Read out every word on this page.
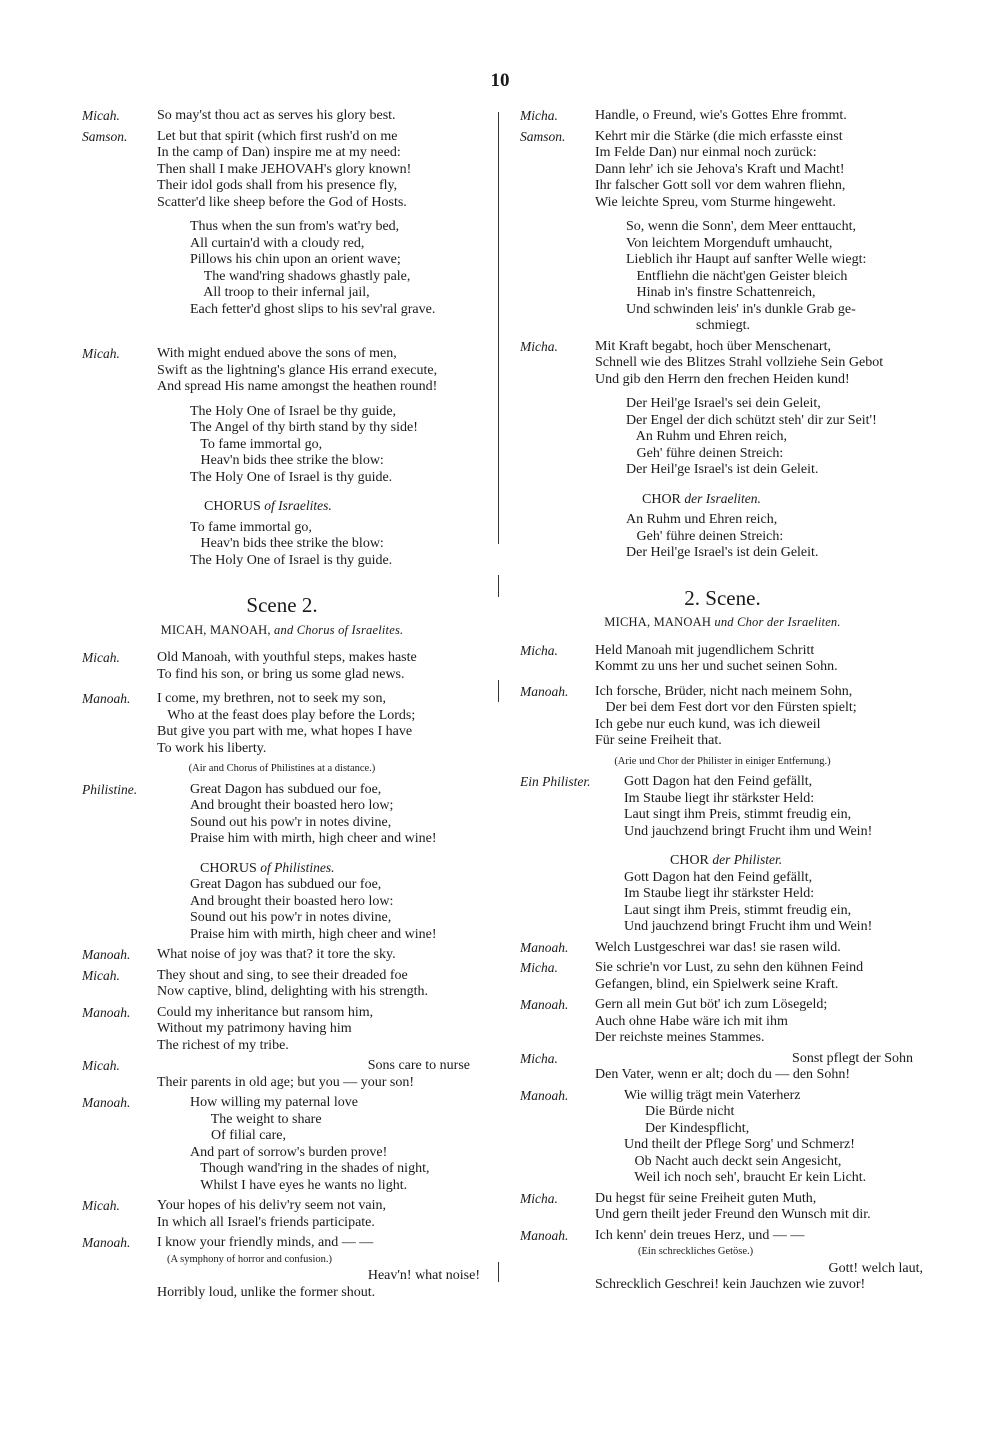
10
Micah.	So may'st thou act as serves his glory best.
Samson. Let but that spirit (which first rush'd on me
In the camp of Dan) inspire me at my need:
Then shall I make JEHOVAH's glory known!
Their idol gods shall from his presence fly,
Scatter'd like sheep before the God of Hosts.
Thus when the sun from's wat'ry bed,
All curtain'd with a cloudy red,
Pillows his chin upon an orient wave;
The wand'ring shadows ghastly pale,
All troop to their infernal jail,
Each fetter'd ghost slips to his sev'ral grave.
Micah.	With might endued above the sons of men,
Swift as the lightning's glance His errand execute,
And spread His name amongst the heathen round!
The Holy One of Israel be thy guide,
The Angel of thy birth stand by thy side!
To fame immortal go,
Heav'n bids thee strike the blow:
The Holy One of Israel is thy guide.
CHORUS of Israelites.
To fame immortal go,
Heav'n bids thee strike the blow:
The Holy One of Israel is thy guide.
Scene 2.
MICAH, MANOAH, and Chorus of Israelites.
Micah.	Old Manoah, with youthful steps, makes haste
To find his son, or bring us some glad news.
Manoah. I come, my brethren, not to seek my son,
Who at the feast does play before the Lords;
But give you part with me, what hopes I have
To work his liberty.
(Air and Chorus of Philistines at a distance.)
Philistine.	Great Dagon has subdued our foe,
And brought their boasted hero low;
Sound out his pow'r in notes divine,
Praise him with mirth, high cheer and wine!
CHORUS of Philistines.
Great Dagon has subdued our foe,
And brought their boasted hero low:
Sound out his pow'r in notes divine,
Praise him with mirth, high cheer and wine!
Manoah. What noise of joy was that? it tore the sky.
Micah.	They shout and sing, to see their dreaded foe
Now captive, blind, delighting with his strength.
Manoah. Could my inheritance but ransom him,
Without my patrimony having him
The richest of my tribe.
Micah.	Sons care to nurse
Their parents in old age; but you — your son!
Manoah.	How willing my paternal love
The weight to share
Of filial care,
And part of sorrow's burden prove!
Though wand'ring in the shades of night,
Whilst I have eyes he wants no light.
Micah.	Your hopes of his deliv'ry seem not vain,
In which all Israel's friends participate.
Manoah. I know your friendly minds, and — —
(A symphony of horror and confusion.)
Heav'n! what noise!
Horribly loud, unlike the former shout.
Micha.	Handle, o Freund, wie's Gottes Ehre frommt.
Samson. Kehrt mir die Stärke (die mich erfasste einst
Im Felde Dan) nur einmal noch zurück:
Dann lehr' ich sie Jehova's Kraft und Macht!
Ihr falscher Gott soll vor dem wahren fliehn,
Wie leichte Spreu, vom Sturme hingeweht.
So, wenn die Sonn', dem Meer enttaucht,
Von leichtem Morgenduft umhaucht,
Lieblich ihr Haupt auf sanfter Welle wiegt:
Entfliehn die nächt'gen Geister bleich
Hinab in's finstre Schattenreich,
Und schwinden leis' in's dunkle Grab ge-
schmiegt.
Micha.	Mit Kraft begabt, hoch über Menschenart,
Schnell wie des Blitzes Strahl vollziehe Sein Gebot
Und gib den Herrn den frechen Heiden kund!
Der Heil'ge Israel's sei dein Geleit,
Der Engel der dich schützt steh' dir zur Seit'!
An Ruhm und Ehren reich,
Geh' führe deinen Streich:
Der Heil'ge Israel's ist dein Geleit.
CHOR der Israeliten.
An Ruhm und Ehren reich,
Geh' führe deinen Streich:
Der Heil'ge Israel's ist dein Geleit.
2. Scene.
MICHA, MANOAH und Chor der Israeliten.
Micha.	Held Manoah mit jugendlichem Schritt
Kommt zu uns her und suchet seinen Sohn.
Manoah. Ich forsche, Brüder, nicht nach meinem Sohn,
Der bei dem Fest dort vor den Fürsten spielt;
Ich gebe nur euch kund, was ich dieweil
Für seine Freiheit that.
(Arie und Chor der Philister in einiger Entfernung.)
Ein Philister. Gott Dagon hat den Feind gefällt,
Im Staube liegt ihr stärkster Held:
Laut singt ihm Preis, stimmt freudig ein,
Und jauchzend bringt Frucht ihm und Wein!
CHOR der Philister.
Gott Dagon hat den Feind gefällt,
Im Staube liegt ihr stärkster Held:
Laut singt ihm Preis, stimmt freudig ein,
Und jauchzend bringt Frucht ihm und Wein!
Manoah. Welch Lustgeschrei war das! sie rasen wild.
Micha.	Sie schrie'n vor Lust, zu sehn den kühnen Feind
Gefangen, blind, ein Spielwerk seine Kraft.
Manoah. Gern all mein Gut böt' ich zum Lösegeld;
Auch ohne Habe wäre ich mit ihm
Der reichste meines Stammes.
Micha.	Sonst pflegt der Sohn
Den Vater, wenn er alt; doch du — den Sohn!
Manoah.	Wie willig trägt mein Vaterherz
Die Bürde nicht
Der Kindespflicht,
Und theilt der Pflege Sorg' und Schmerz!
Ob Nacht auch deckt sein Angesicht,
Weil ich noch seh', braucht Er kein Licht.
Micha.	Du hegst für seine Freiheit guten Muth,
Und gern theilt jeder Freund den Wunsch mit dir.
Manoah. Ich kenn' dein treues Herz, und — —
(Ein schreckliches Getöse.)
Gott! welch laut,
Schrecklich Geschrei! kein Jauchzen wie zuvor!
